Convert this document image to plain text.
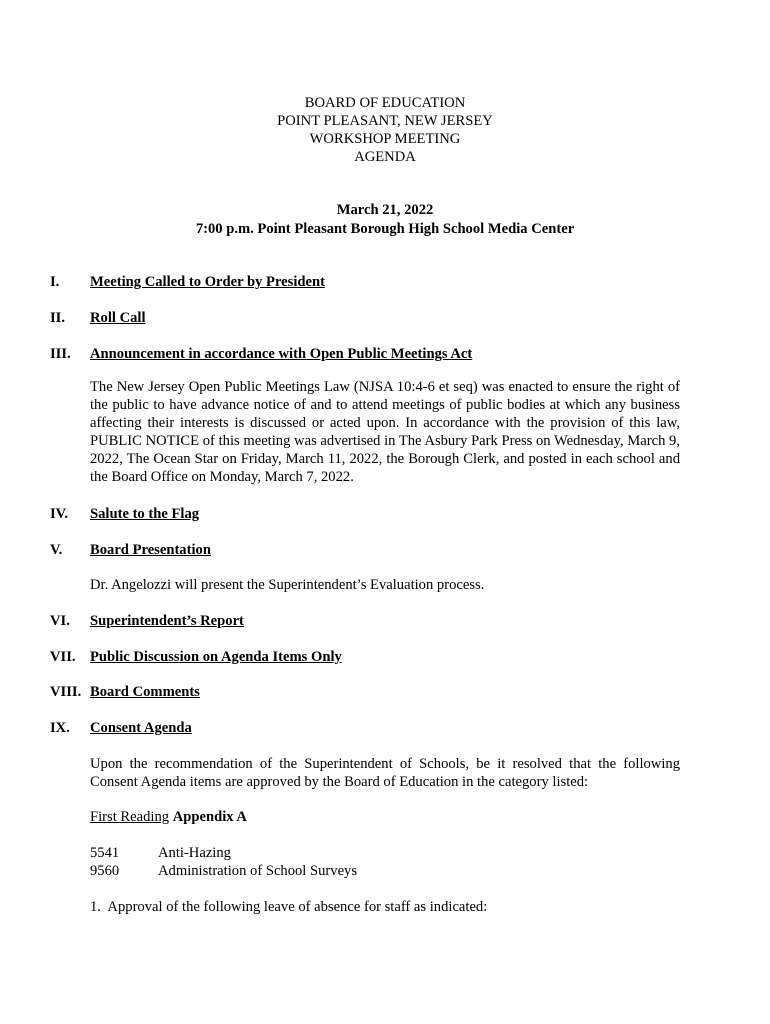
BOARD OF EDUCATION
POINT PLEASANT, NEW JERSEY
WORKSHOP MEETING
AGENDA
March 21, 2022
7:00 p.m. Point Pleasant Borough High School Media Center
I. Meeting Called to Order by President
II. Roll Call
III. Announcement in accordance with Open Public Meetings Act
The New Jersey Open Public Meetings Law (NJSA 10:4-6 et seq) was enacted to ensure the right of the public to have advance notice of and to attend meetings of public bodies at which any business affecting their interests is discussed or acted upon. In accordance with the provision of this law, PUBLIC NOTICE of this meeting was advertised in The Asbury Park Press on Wednesday, March 9, 2022, The Ocean Star on Friday, March 11, 2022, the Borough Clerk, and posted in each school and the Board Office on Monday, March 7, 2022.
IV. Salute to the Flag
V. Board Presentation
Dr. Angelozzi will present the Superintendent’s Evaluation process.
VI. Superintendent’s Report
VII. Public Discussion on Agenda Items Only
VIII. Board Comments
IX. Consent Agenda
Upon the recommendation of the Superintendent of Schools, be it resolved that the following Consent Agenda items are approved by the Board of Education in the category listed:
First Reading Appendix A
5541	Anti-Hazing
9560	Administration of School Surveys
1.  Approval of the following leave of absence for staff as indicated:
